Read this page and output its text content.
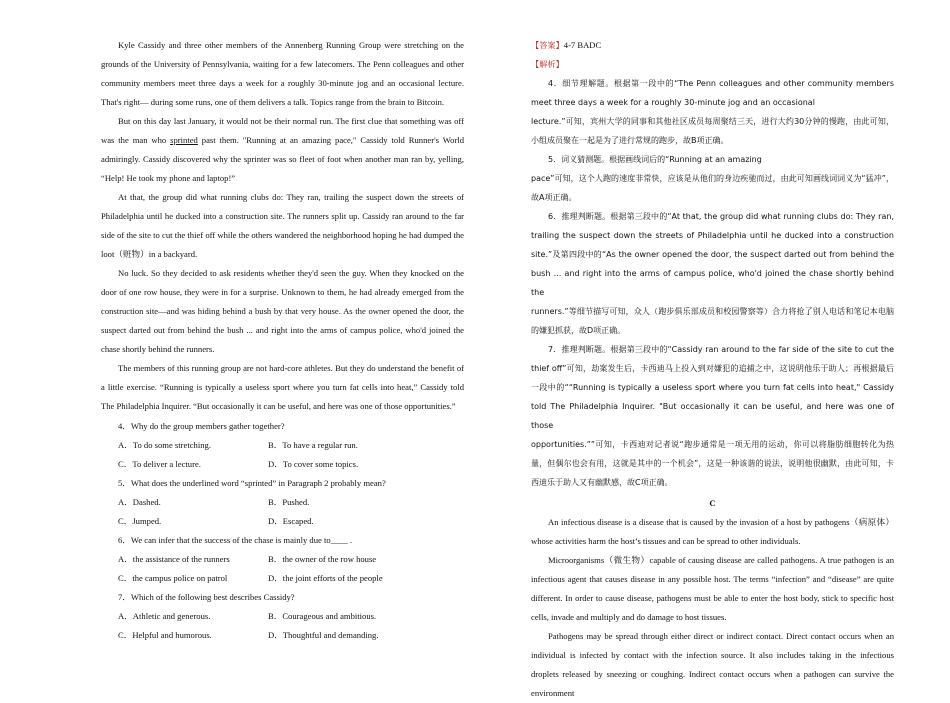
Kyle Cassidy and three other members of the Annenberg Running Group were stretching on the grounds of the University of Pennsylvania, waiting for a few latecomers. The Penn colleagues and other community members meet three days a week for a roughly 30-minute jog and an occasional lecture. That's right— during some runs, one of them delivers a talk. Topics range from the brain to Bitcoin.

But on this day last January, it would not be their normal run. The first clue that something was off was the man who sprinted past them. "Running at an amazing pace," Cassidy told Runner's World admiringly. Cassidy discovered why the sprinter was so fleet of foot when another man ran by, yelling, “Help! He took my phone and laptop!”

At that, the group did what running clubs do: They ran, trailing the suspect down the streets of Philadelphia until he ducked into a construction site. The runners split up. Cassidy ran around to the far side of the site to cut the thief off while the others wandered the neighborhood hoping he had dumped the loot（赃物）in a backyard.

No luck. So they decided to ask residents whether they'd seen the guy. When they knocked on the door of one row house, they were in for a surprise. Unknown to them, he had already emerged from the construction site—and was hiding behind a bush by that very house. As the owner opened the door, the suspect darted out from behind the bush ... and right into the arms of campus police, who'd joined the chase shortly behind the runners.

The members of this running group are not hard-core athletes. But they do understand the benefit of a little exercise. “Running is typically a useless sport where you turn fat cells into heat,” Cassidy told The Philadelphia Inquirer. “But occasionally it can be useful, and here was one of those opportunities.”

4．Why do the group members gather together?

A．To do some stretching.	B．To have a regular run.
C．To deliver a lecture.	D．To cover some topics.

5．What does the underlined word “sprinted” in Paragraph 2 probably mean?

A．Dashed.	B．Pushed.
C．Jumped.	D．Escaped.

6．We can infer that the success of the chase is mainly due to____ .

A．the assistance of the runners	B．the owner of the row house
C．the campus police on patrol	D．the joint efforts of the people

7．Which of the following best describes Cassidy?

A．Athletic and generous.	B．Courageous and ambitious.
C．Helpful and humorous.	D．Thoughtful and demanding.

【答案】4-7 BADC

【解析】

4．细节理解题。根据第一段中的“The Penn colleagues and other community members meet three days a week for a roughly 30-minute jog and an occasional

lecture.”可知，宾州大学的同事和其他社区成员每周聚结三天，进行大约30分钟的慢跑，由此可知，小组成员聚在一起是为了进行常规的跑步，故B项正确。

5．词义猜测题。根据画线词后的“Running at an amazing

pace”可知，这个人跑的速度非常快，应该是从他们的身边疾驰而过，由此可知画线词词义为“猛冲”，故A项正确。

6．推理判断题。根据第三段中的“At that, the group did what running clubs do: They ran, trailing the suspect down the streets of Philadelphia until he ducked into a construction site.”及第四段中的“As the owner opened the door, the suspect darted out from behind the bush ... and right into the arms of campus police, who'd joined the chase shortly behind the

runners.”等细节描写可知，众人（跑步俱乐部成员和校园警察等）合力将抢了别人电话和笔记本电脑的嫌犯抓获，故D项正确。

7．推理判断题。根据第三段中的“Cassidy ran around to the far side of the site to cut the thief off”可知，劫案发生后，卡西迪马上投入到对嫌犯的追捕之中，这说明他乐于助人；再根据最后一段中的““Running is typically a useless sport where you turn fat cells into heat," Cassidy told The Philadelphia Inquirer. "But occasionally it can be useful, and here was one of those

opportunities.””可知，卡西迪对记者说“跑步通常是一项无用的运动，你可以将脂肪细胞转化为热量，但偶尔也会有用，这就是其中的一个机会”，这是一种该谐的说法，说明他很幽默，由此可知，卡西迪乐于助人又有幽默感，故C项正确。

C

An infectious disease is a disease that is caused by the invasion of a host by pathogens（病原体）whose activities harm the host’s tissues and can be spread to other individuals.

Microorganisms（微生物）capable of causing disease are called pathogens. A true pathogen is an infectious agent that causes disease in any possible host. The terms “infection” and “disease” are quite different. In order to cause disease, pathogens must be able to enter the host body, stick to specific host cells, invade and multiply and do damage to host tissues.

Pathogens may be spread through either direct or indirect contact. Direct contact occurs when an individual is infected by contact with the infection source. It also includes taking in the infectious droplets released by sneezing or coughing. Indirect contact occurs when a pathogen can survive the environment
